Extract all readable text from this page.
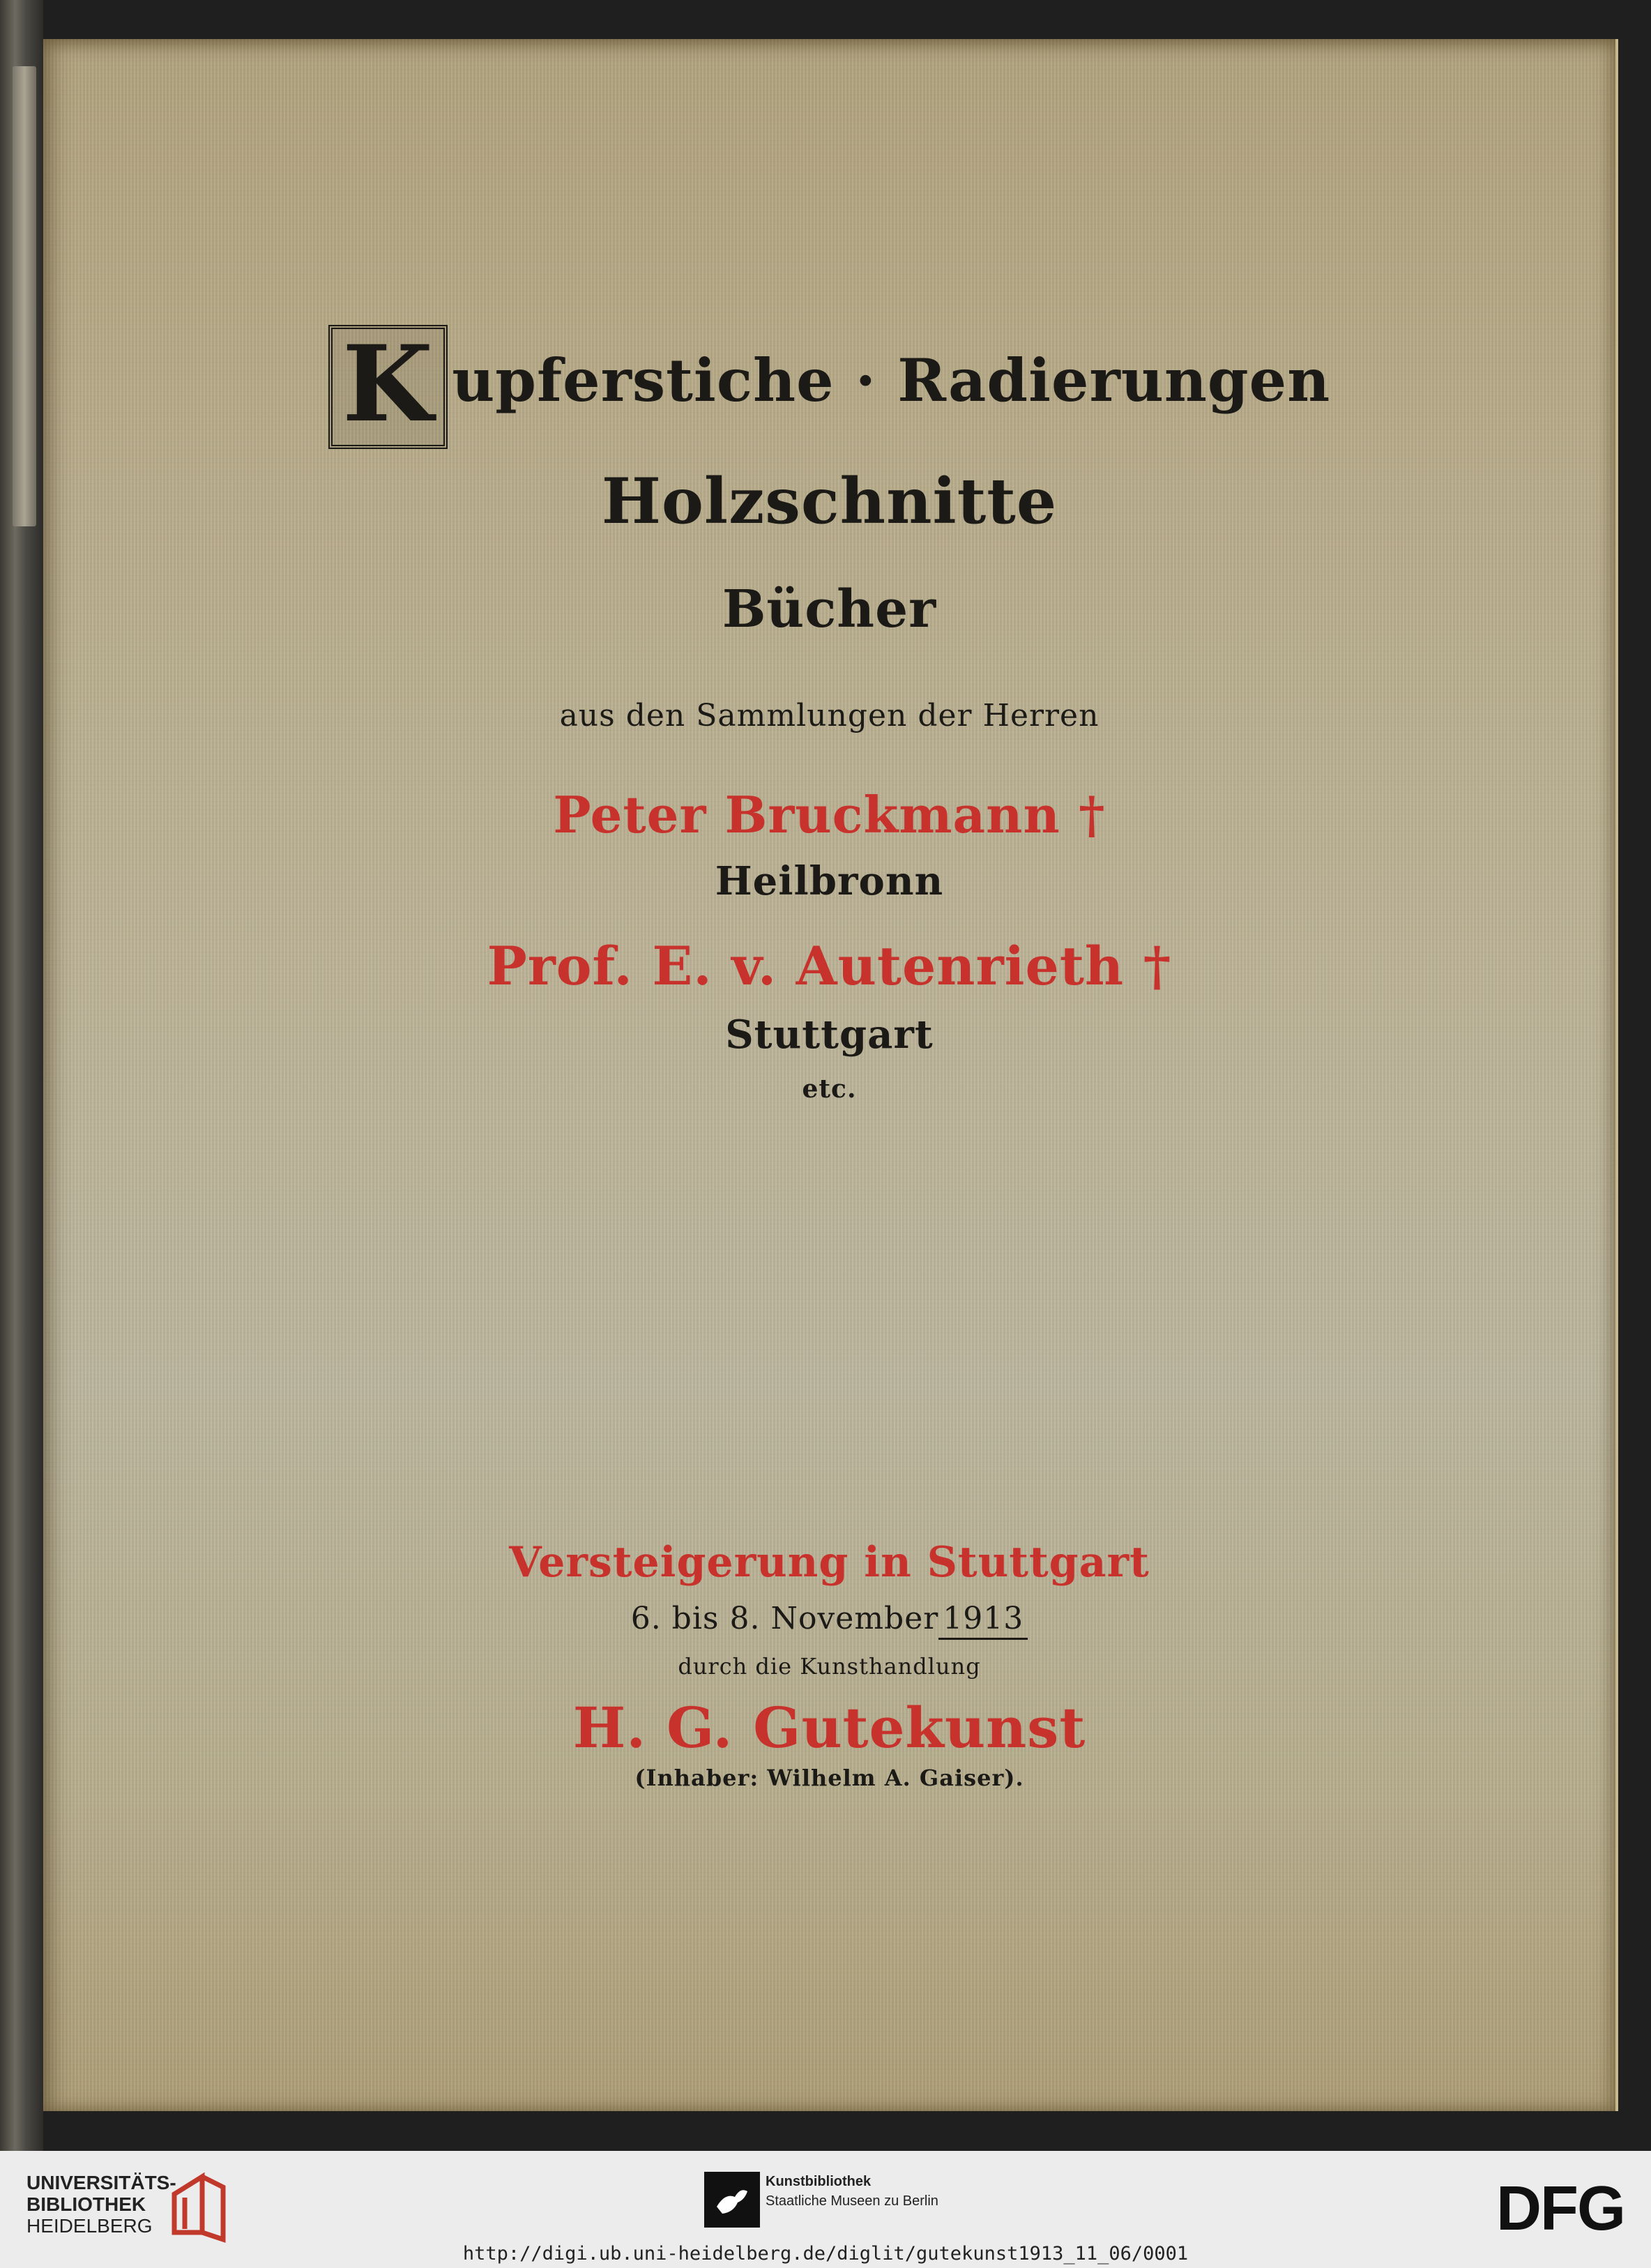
K upferstiche · Radierungen
Holzschnitte
Bücher
aus den Sammlungen der Herren
Peter Bruckmann †
Heilbronn
Prof. E. v. Autenrieth †
Stuttgart
etc.
Versteigerung in Stuttgart
6. bis 8. November 1913
durch die Kunsthandlung
H. G. Gutekunst
(Inhaber: Wilhelm A. Gaiser).
UNIVERSITÄTS-
BIBLIOTHEK
HEIDELBERG
Kunstbibliothek
Staatliche Museen zu Berlin	DFG
http://digi.ub.uni-heidelberg.de/diglit/gutekunst1913_11_06/0001
